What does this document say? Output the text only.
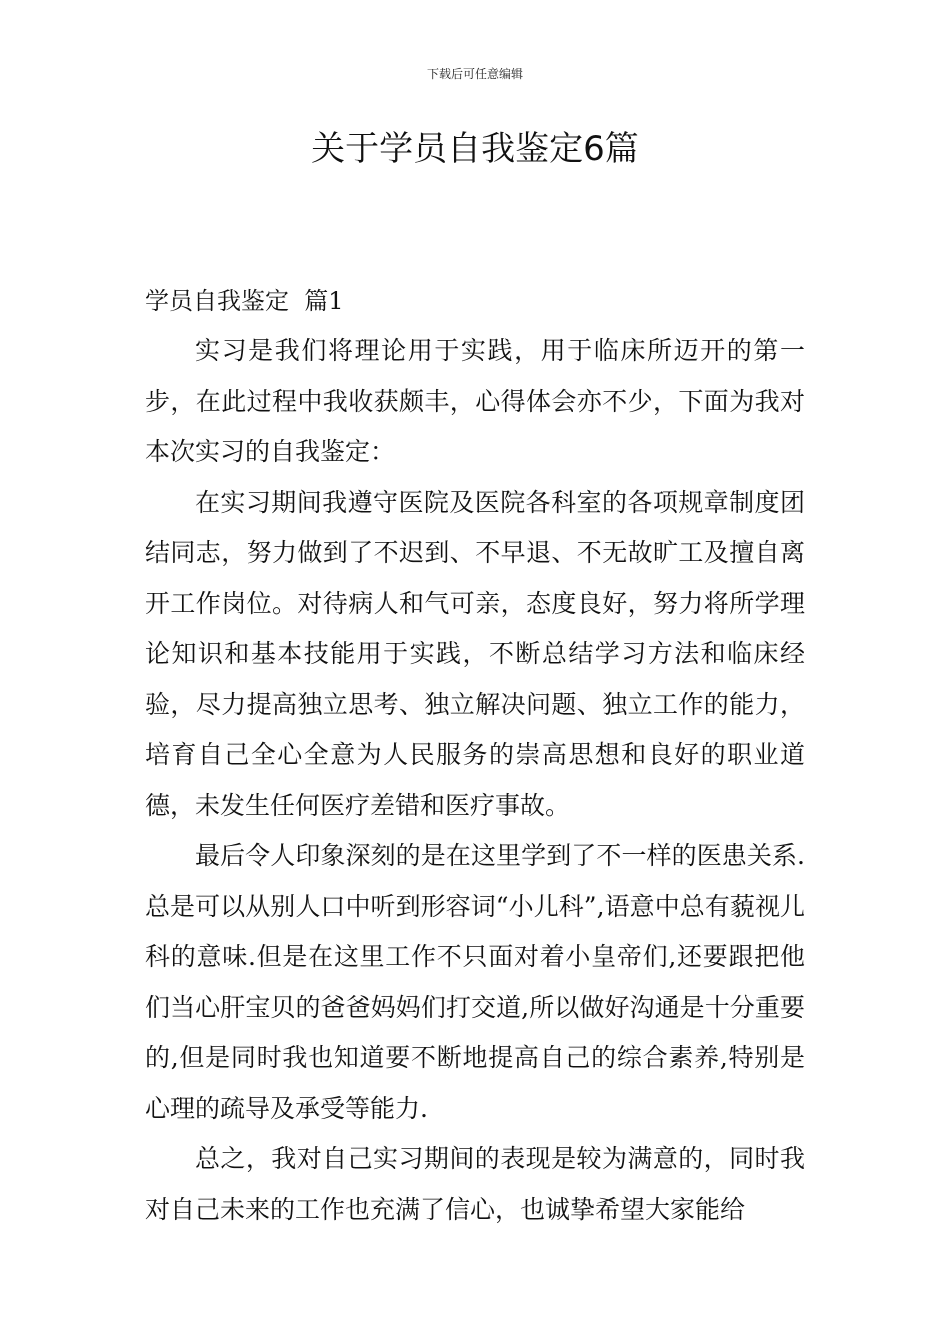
下载后可任意编辑
关于学员自我鉴定6篇

学员自我鉴定  篇1

实习是我们将理论用于实践，用于临床所迈开的第一步，在此过程中我收获颇丰，心得体会亦不少，下面为我对本次实习的自我鉴定：

在实习期间我遵守医院及医院各科室的各项规章制度团结同志，努力做到了不迟到、不早退、不无故旷工及擅自离开工作岗位。对待病人和气可亲，态度良好，努力将所学理论知识和基本技能用于实践，不断总结学习方法和临床经验，尽力提高独立思考、独立解决问题、独立工作的能力，培育自己全心全意为人民服务的崇高思想和良好的职业道德，未发生任何医疗差错和医疗事故。

最后令人印象深刻的是在这里学到了不一样的医患关系.总是可以从别人口中听到形容词“小儿科”,语意中总有藐视儿科的意味.但是在这里工作不只面对着小皇帝们,还要跟把他们当心肝宝贝的爸爸妈妈们打交道,所以做好沟通是十分重要的,但是同时我也知道要不断地提高自己的综合素养,特别是心理的疏导及承受等能力.

总之，我对自己实习期间的表现是较为满意的，同时我对自己未来的工作也充满了信心，也诚挚希望大家能给
